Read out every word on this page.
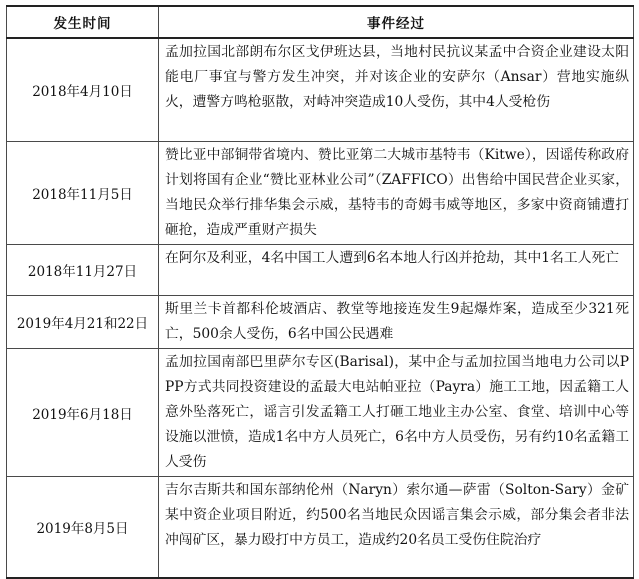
发生时间	事件经过
2018年4月10日	孟加拉国北部朗布尔区戈伊班达县，当地村民抗议某孟中合资企业建设太阳能电厂事宜与警方发生冲突，并对该企业的安萨尔（Ansar）营地实施纵火，遭警方鸣枪驱散，对峙冲突造成10人受伤，其中4人受枪伤
2018年11月5日	赞比亚中部铜带省境内、赞比亚第二大城市基特韦（Kitwe），因谣传称政府计划将国有企业“赞比亚林业公司”（ZAFFICO）出售给中国民营企业买家，当地民众举行排华集会示威，基特韦的奇姆韦威等地区，多家中资商铺遭打砸抢，造成严重财产损失
2018年11月27日	在阿尔及利亚，4名中国工人遭到6名本地人行凶并抢劫，其中1名工人死亡
2019年4月21和22日	斯里兰卡首都科伦坡酒店、教堂等地接连发生9起爆炸案，造成至少321死亡，500余人受伤，6名中国公民遇难
2019年6月18日	孟加拉国南部巴里萨尔专区(Barisal)，某中企与孟加拉国当地电力公司以PPP方式共同投资建设的孟最大电站帕亚拉（Payra）施工工地，因孟籍工人意外坠落死亡，谣言引发孟籍工人打砸工地业主办公室、食堂、培训中心等设施以泄愤，造成1名中方人员死亡，6名中方人员受伤，另有约10名孟籍工人受伤
2019年8月5日	吉尔吉斯共和国东部纳伦州（Naryn）索尔通—萨雷（Solton-Sary）金矿某中资企业项目附近，约500名当地民众因谣言集会示威，部分集会者非法冲闯矿区，暴力殴打中方员工，造成约20名员工受伤住院治疗
